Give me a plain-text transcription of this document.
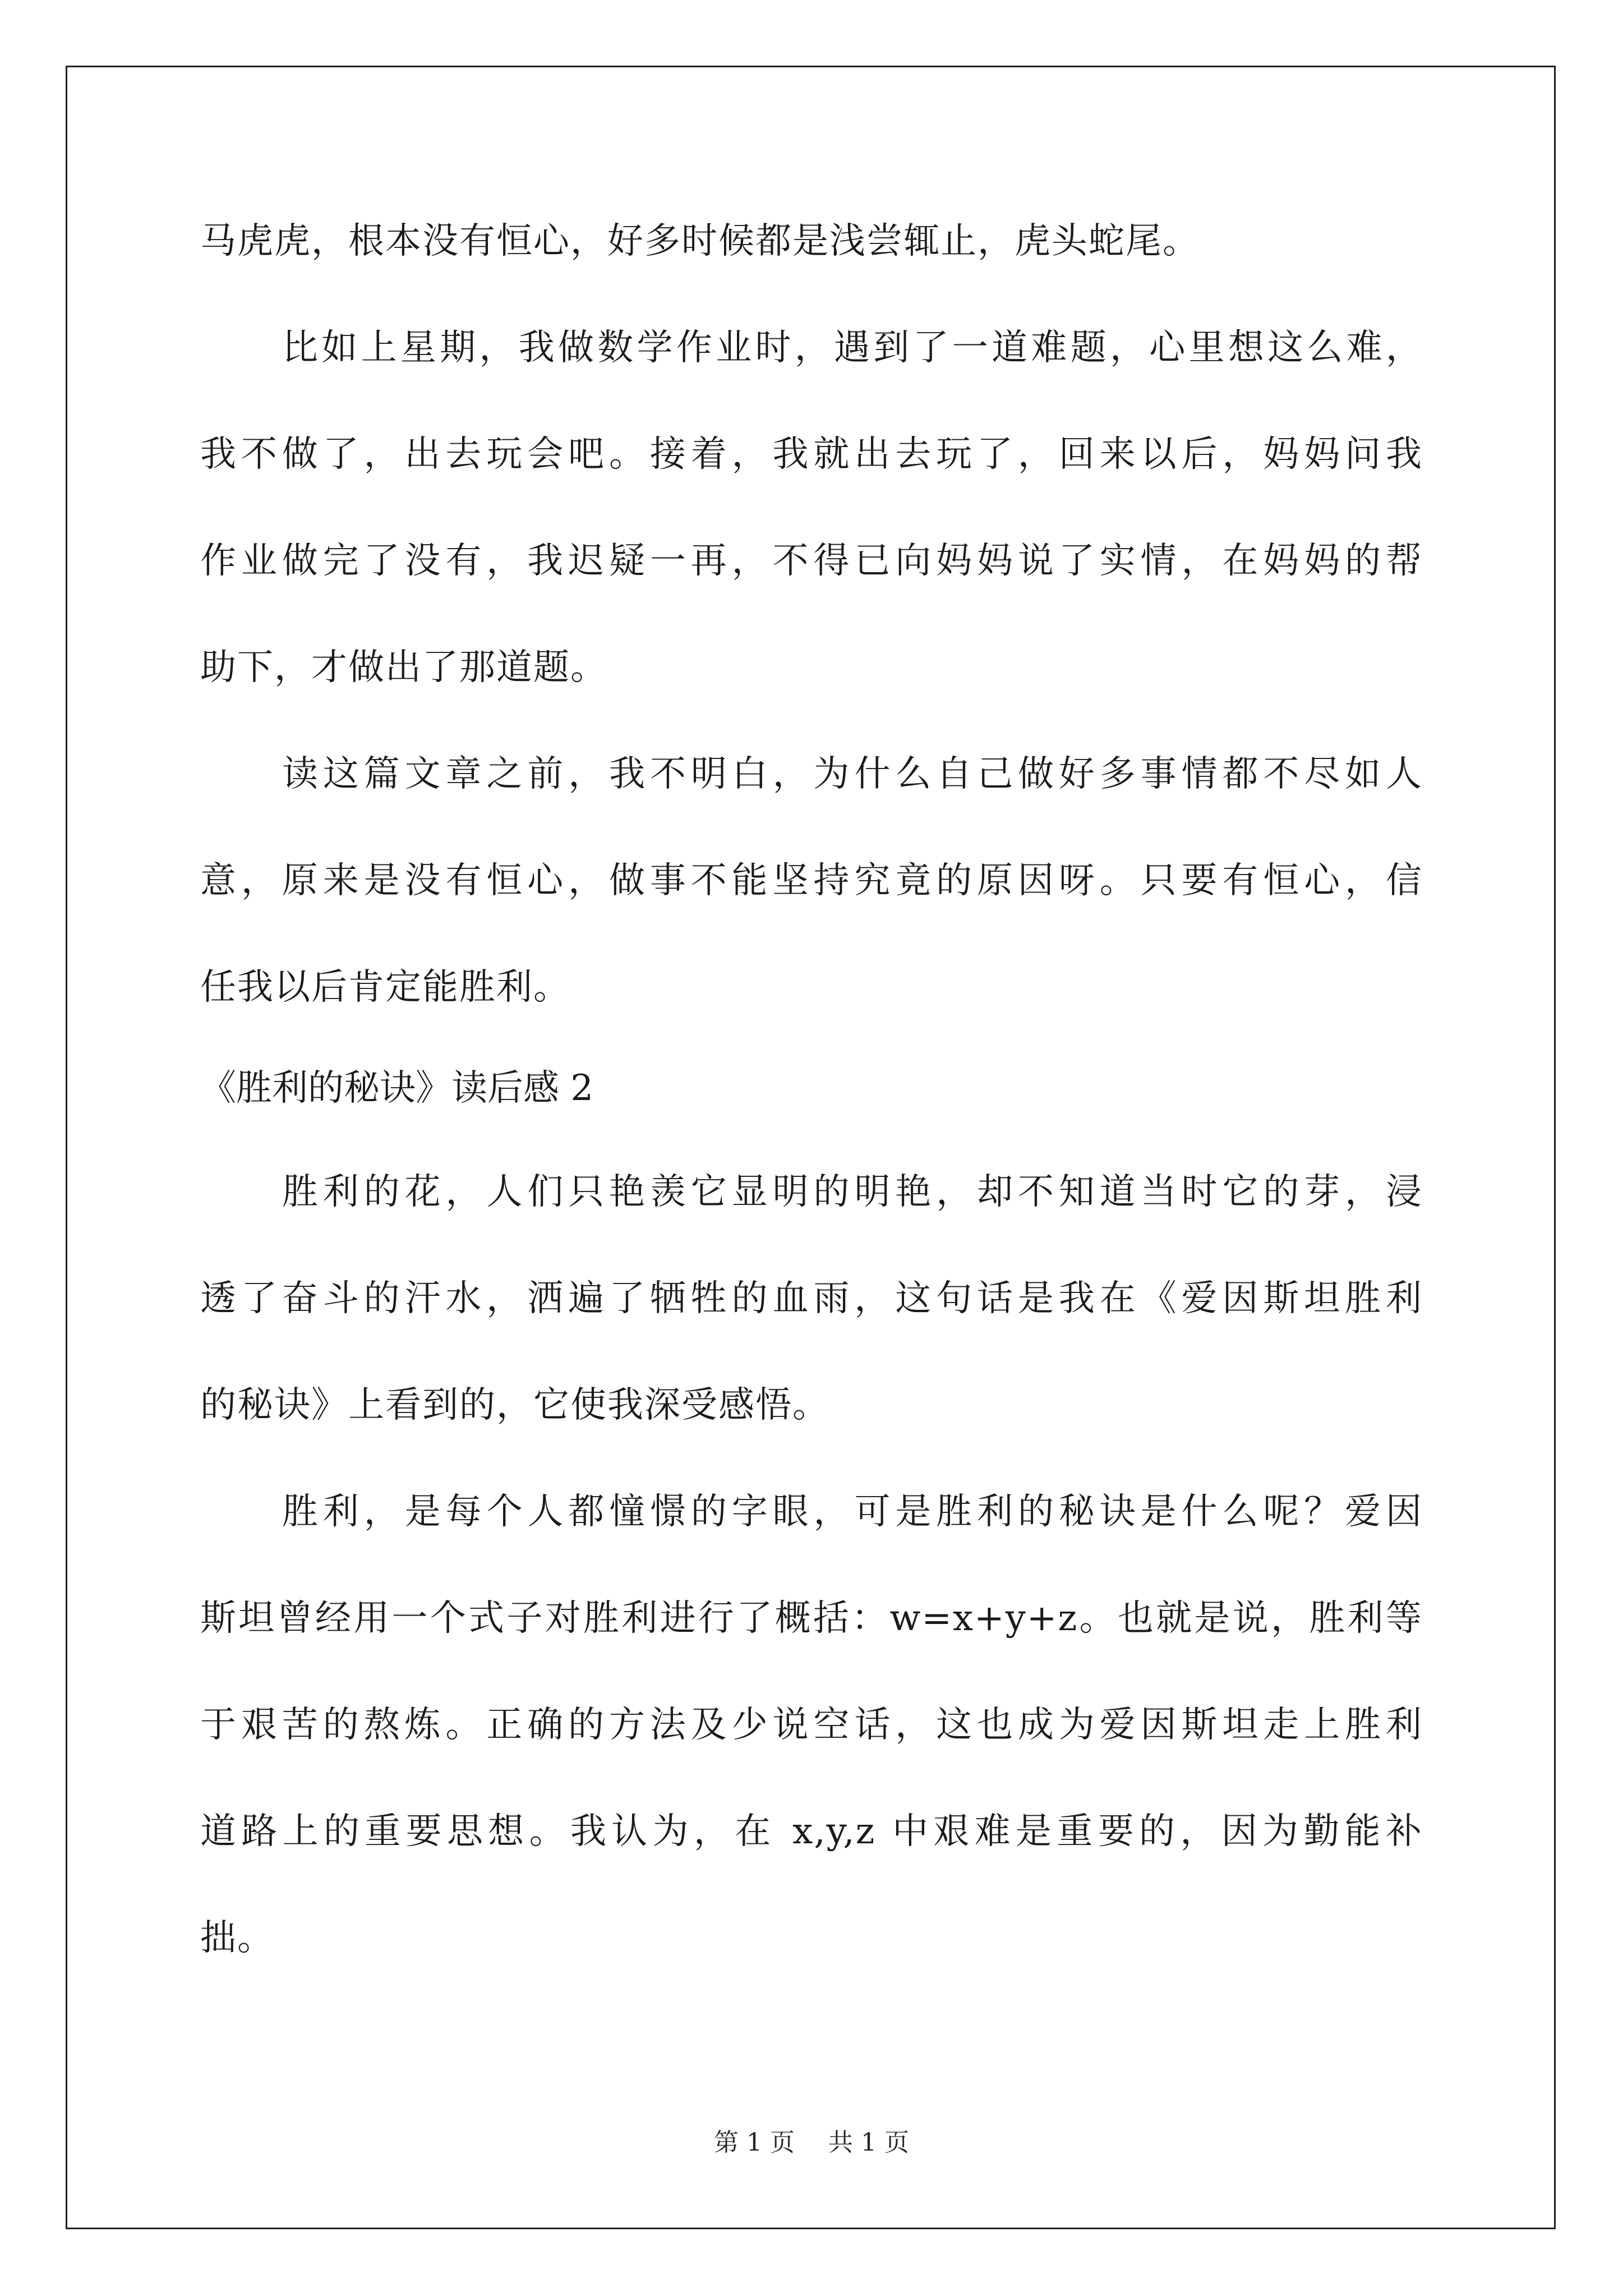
马虎虎，根本没有恒心，好多时候都是浅尝辄止，虎头蛇尾。
比如上星期，我做数学作业时，遇到了一道难题，心里想这么难，
我不做了，出去玩会吧。接着，我就出去玩了，回来以后，妈妈问我
作业做完了没有，我迟疑一再，不得已向妈妈说了实情，在妈妈的帮
助下，才做出了那道题。
读这篇文章之前，我不明白，为什么自己做好多事情都不尽如人
意，原来是没有恒心，做事不能坚持究竟的原因呀。只要有恒心，信
任我以后肯定能胜利。
《胜利的秘诀》读后感 2
胜利的花，人们只艳羡它显明的明艳，却不知道当时它的芽，浸
透了奋斗的汗水，洒遍了牺牲的血雨，这句话是我在《爱因斯坦胜利
的秘诀》上看到的，它使我深受感悟。
胜利，是每个人都憧憬的字眼，可是胜利的秘诀是什么呢？爱因
斯坦曾经用一个式子对胜利进行了概括：w=x+y+z。也就是说，胜利等
于艰苦的熬炼。正确的方法及少说空话，这也成为爱因斯坦走上胜利
道路上的重要思想。我认为，在 x,y,z 中艰难是重要的，因为勤能补
拙。
第 1 页 共 1 页
